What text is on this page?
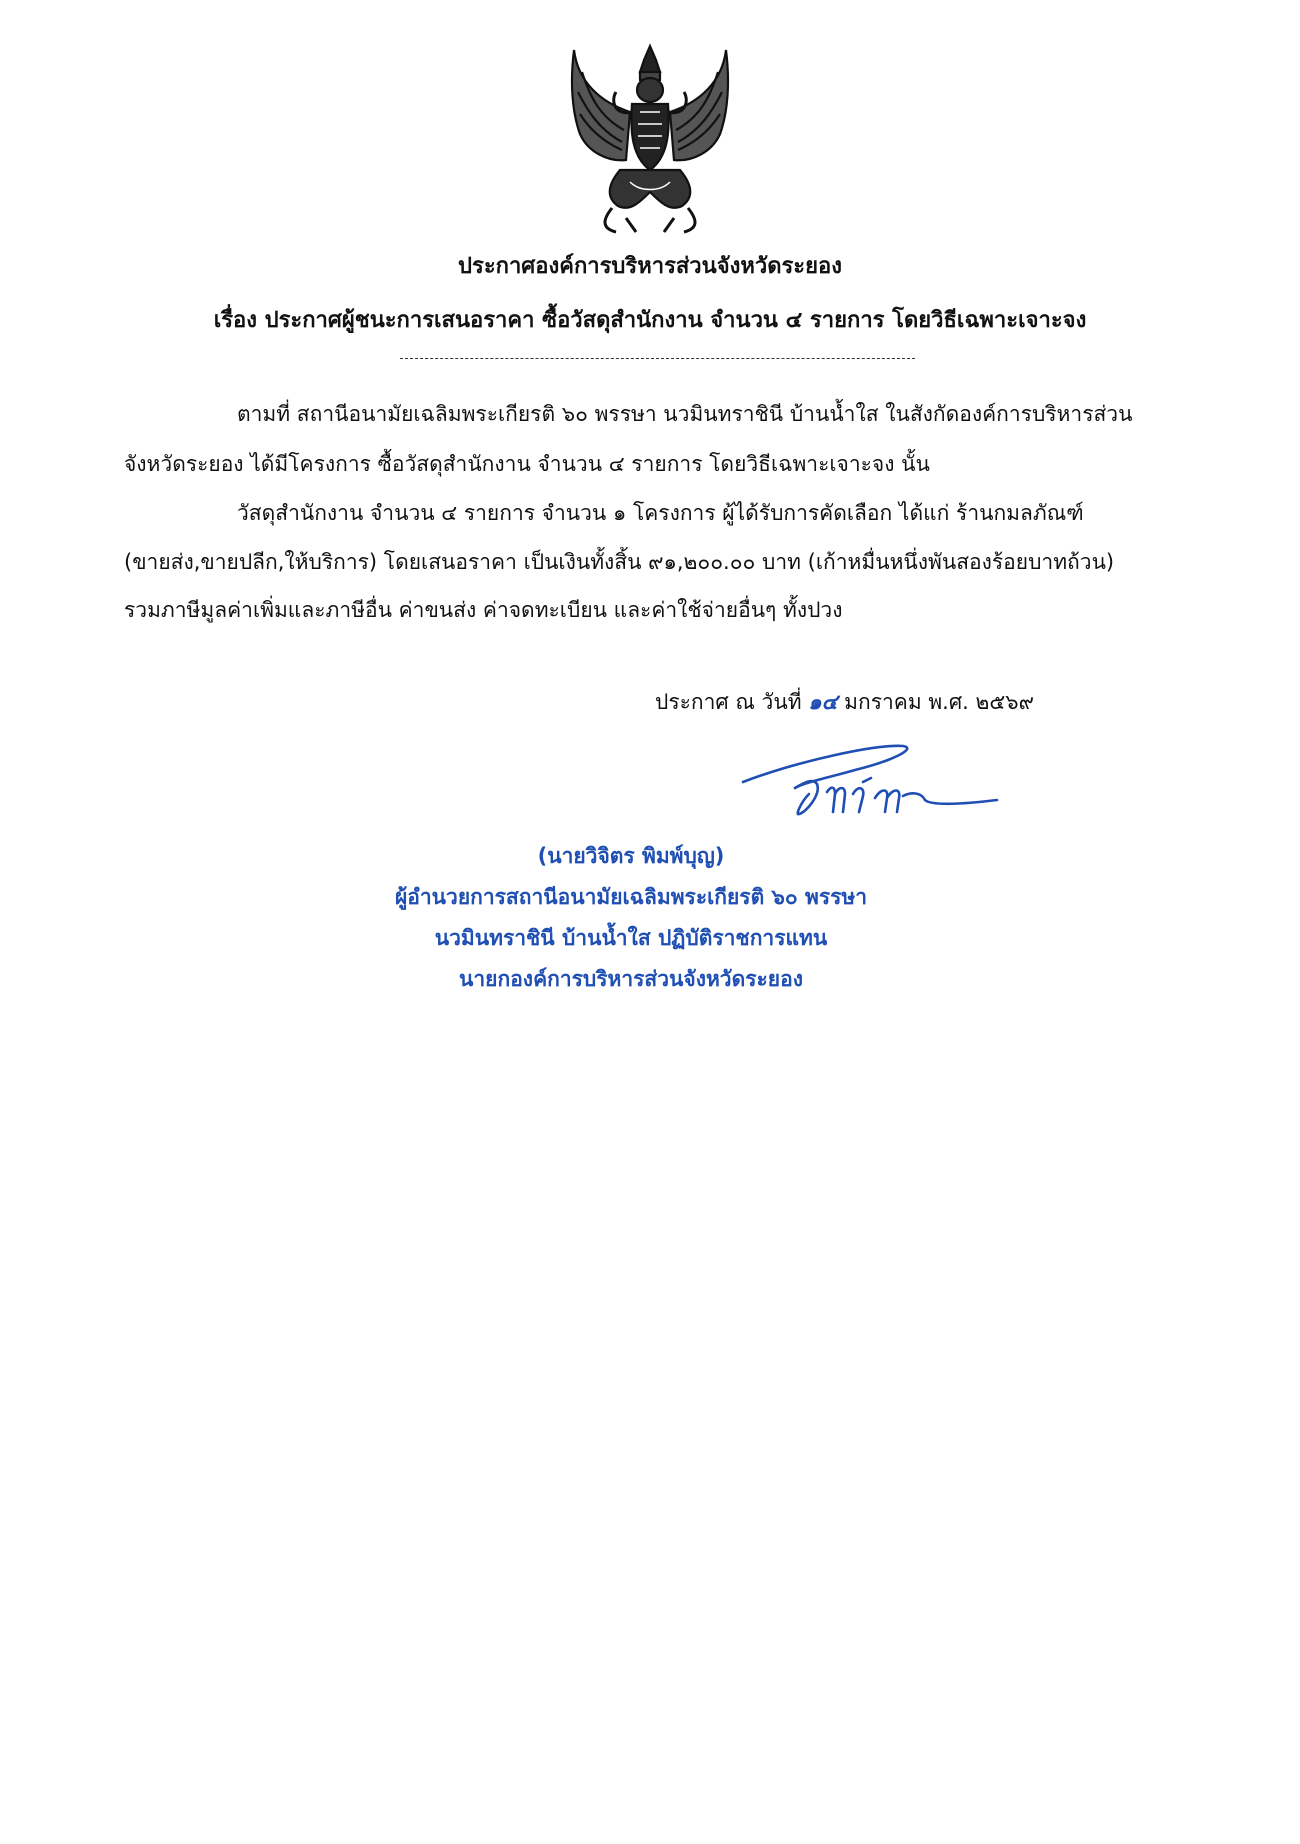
ประกาศองค์การบริหารส่วนจังหวัดระยอง
เรื่อง ประกาศผู้ชนะการเสนอราคา ซื้อวัสดุสำนักงาน จำนวน ๔ รายการ โดยวิธีเฉพาะเจาะจง
ตามที่ สถานีอนามัยเฉลิมพระเกียรติ ๖๐ พรรษา นวมินทราชินี บ้านน้ำใส ในสังกัดองค์การบริหารส่วน
จังหวัดระยอง ได้มีโครงการ ซื้อวัสดุสำนักงาน จำนวน ๔ รายการ โดยวิธีเฉพาะเจาะจง นั้น
วัสดุสำนักงาน จำนวน ๔ รายการ จำนวน ๑ โครงการ ผู้ได้รับการคัดเลือก ได้แก่ ร้านกมลภัณฑ์
(ขายส่ง,ขายปลีก,ให้บริการ) โดยเสนอราคา เป็นเงินทั้งสิ้น ๙๑,๒๐๐.๐๐ บาท (เก้าหมื่นหนึ่งพันสองร้อยบาทถ้วน)
รวมภาษีมูลค่าเพิ่มและภาษีอื่น ค่าขนส่ง ค่าจดทะเบียน และค่าใช้จ่ายอื่นๆ ทั้งปวง
ประกาศ ณ วันที่ ๑๔ มกราคม พ.ศ. ๒๕๖๙
(นายวิจิตร พิมพ์บุญ)
ผู้อำนวยการสถานีอนามัยเฉลิมพระเกียรติ ๖๐ พรรษา
นวมินทราชินี บ้านน้ำใส ปฏิบัติราชการแทน
นายกองค์การบริหารส่วนจังหวัดระยอง
